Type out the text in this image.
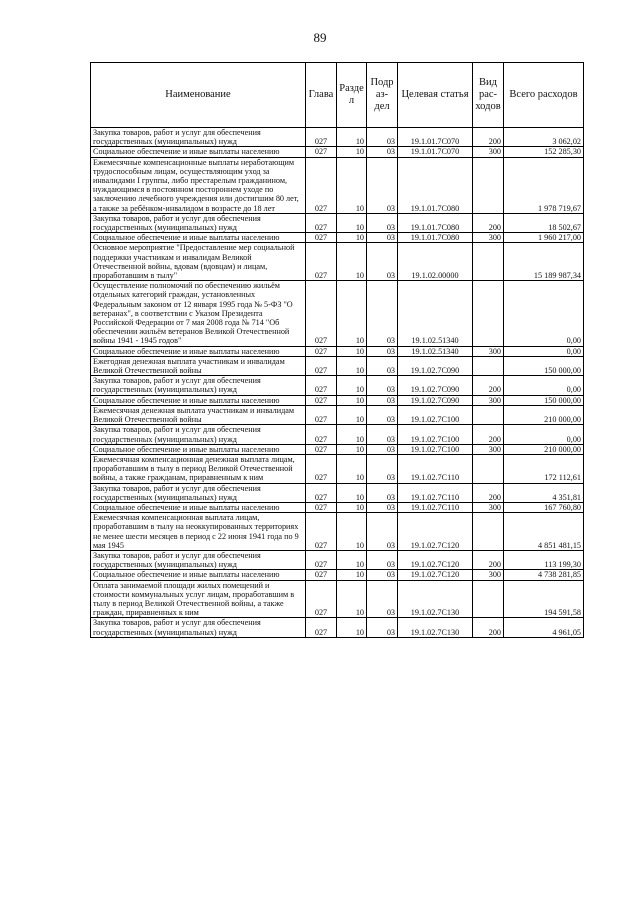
89
Наименование	Глава	Разде л	Подр аз- дел	Целевая статья	Вид рас- ходов	Всего расходов
Закупка товаров, работ и услуг для обеспечения государственных (муниципальных) нужд	027	10	03	19.1.01.7С070	200	3 062,02
Социальное обеспечение и иные выплаты населению	027	10	03	19.1.01.7С070	300	152 285,30
Ежемесячные компенсационные выплаты неработающим трудоспособным лицам, осуществляющим уход за инвалидами I группы, либо престарелым гражданином, нуждающимся в постоянном постороннем уходе по заключению лечебного учреждения или достигшим 80 лет, а также за ребёнком-инвалидом в возрасте до 18 лет	027	10	03	19.1.01.7С080		1 978 719,67
Закупка товаров, работ и услуг для обеспечения государственных (муниципальных) нужд	027	10	03	19.1.01.7С080	200	18 502,67
Социальное обеспечение и иные выплаты населению	027	10	03	19.1.01.7С080	300	1 960 217,00
Основное мероприятие "Предоставление мер социальной поддержки участникам и инвалидам Великой Отечественной войны, вдовам (вдовцам) и лицам, проработавшим в тылу"	027	10	03	19.1.02.00000		15 189 987,34
Осуществление полномочий по обеспечению жильём отдельных категорий граждан, установленных Федеральным законом от 12 января 1995 года № 5-ФЗ "О ветеранах", в соответствии с Указом Президента Российской Федерации от 7 мая 2008 года № 714 "Об обеспечении жильём ветеранов Великой Отечественной войны 1941 - 1945 годов"	027	10	03	19.1.02.51340		0,00
Социальное обеспечение и иные выплаты населению	027	10	03	19.1.02.51340	300	0,00
Ежегодная денежная выплата участникам и инвалидам Великой Отечественной войны	027	10	03	19.1.02.7С090		150 000,00
Закупка товаров, работ и услуг для обеспечения государственных (муниципальных) нужд	027	10	03	19.1.02.7С090	200	0,00
Социальное обеспечение и иные выплаты населению	027	10	03	19.1.02.7С090	300	150 000,00
Ежемесячная денежная выплата участникам и инвалидам Великой Отечественной войны	027	10	03	19.1.02.7С100		210 000,00
Закупка товаров, работ и услуг для обеспечения государственных (муниципальных) нужд	027	10	03	19.1.02.7С100	200	0,00
Социальное обеспечение и иные выплаты населению	027	10	03	19.1.02.7С100	300	210 000,00
Ежемесячная компенсационная денежная выплата лицам, проработавшим в тылу в период Великой Отечественной войны, а также гражданам, приравненным к ним	027	10	03	19.1.02.7С110		172 112,61
Закупка товаров, работ и услуг для обеспечения государственных (муниципальных) нужд	027	10	03	19.1.02.7С110	200	4 351,81
Социальное обеспечение и иные выплаты населению	027	10	03	19.1.02.7С110	300	167 760,80
Ежемесячная компенсационная выплата лицам, проработавшим в тылу на неоккупированных территориях не менее шести месяцев в период с 22 июня 1941 года по 9 мая 1945	027	10	03	19.1.02.7С120		4 851 481,15
Закупка товаров, работ и услуг для обеспечения государственных (муниципальных) нужд	027	10	03	19.1.02.7С120	200	113 199,30
Социальное обеспечение и иные выплаты населению	027	10	03	19.1.02.7С120	300	4 738 281,85
Оплата занимаемой площади жилых помещений и стоимости коммунальных услуг лицам, проработавшим в тылу в период Великой Отечественной войны, а также граждан, приравненных к ним	027	10	03	19.1.02.7С130		194 591,58
Закупка товаров, работ и услуг для обеспечения государственных (муниципальных) нужд	027	10	03	19.1.02.7С130	200	4 961,05
